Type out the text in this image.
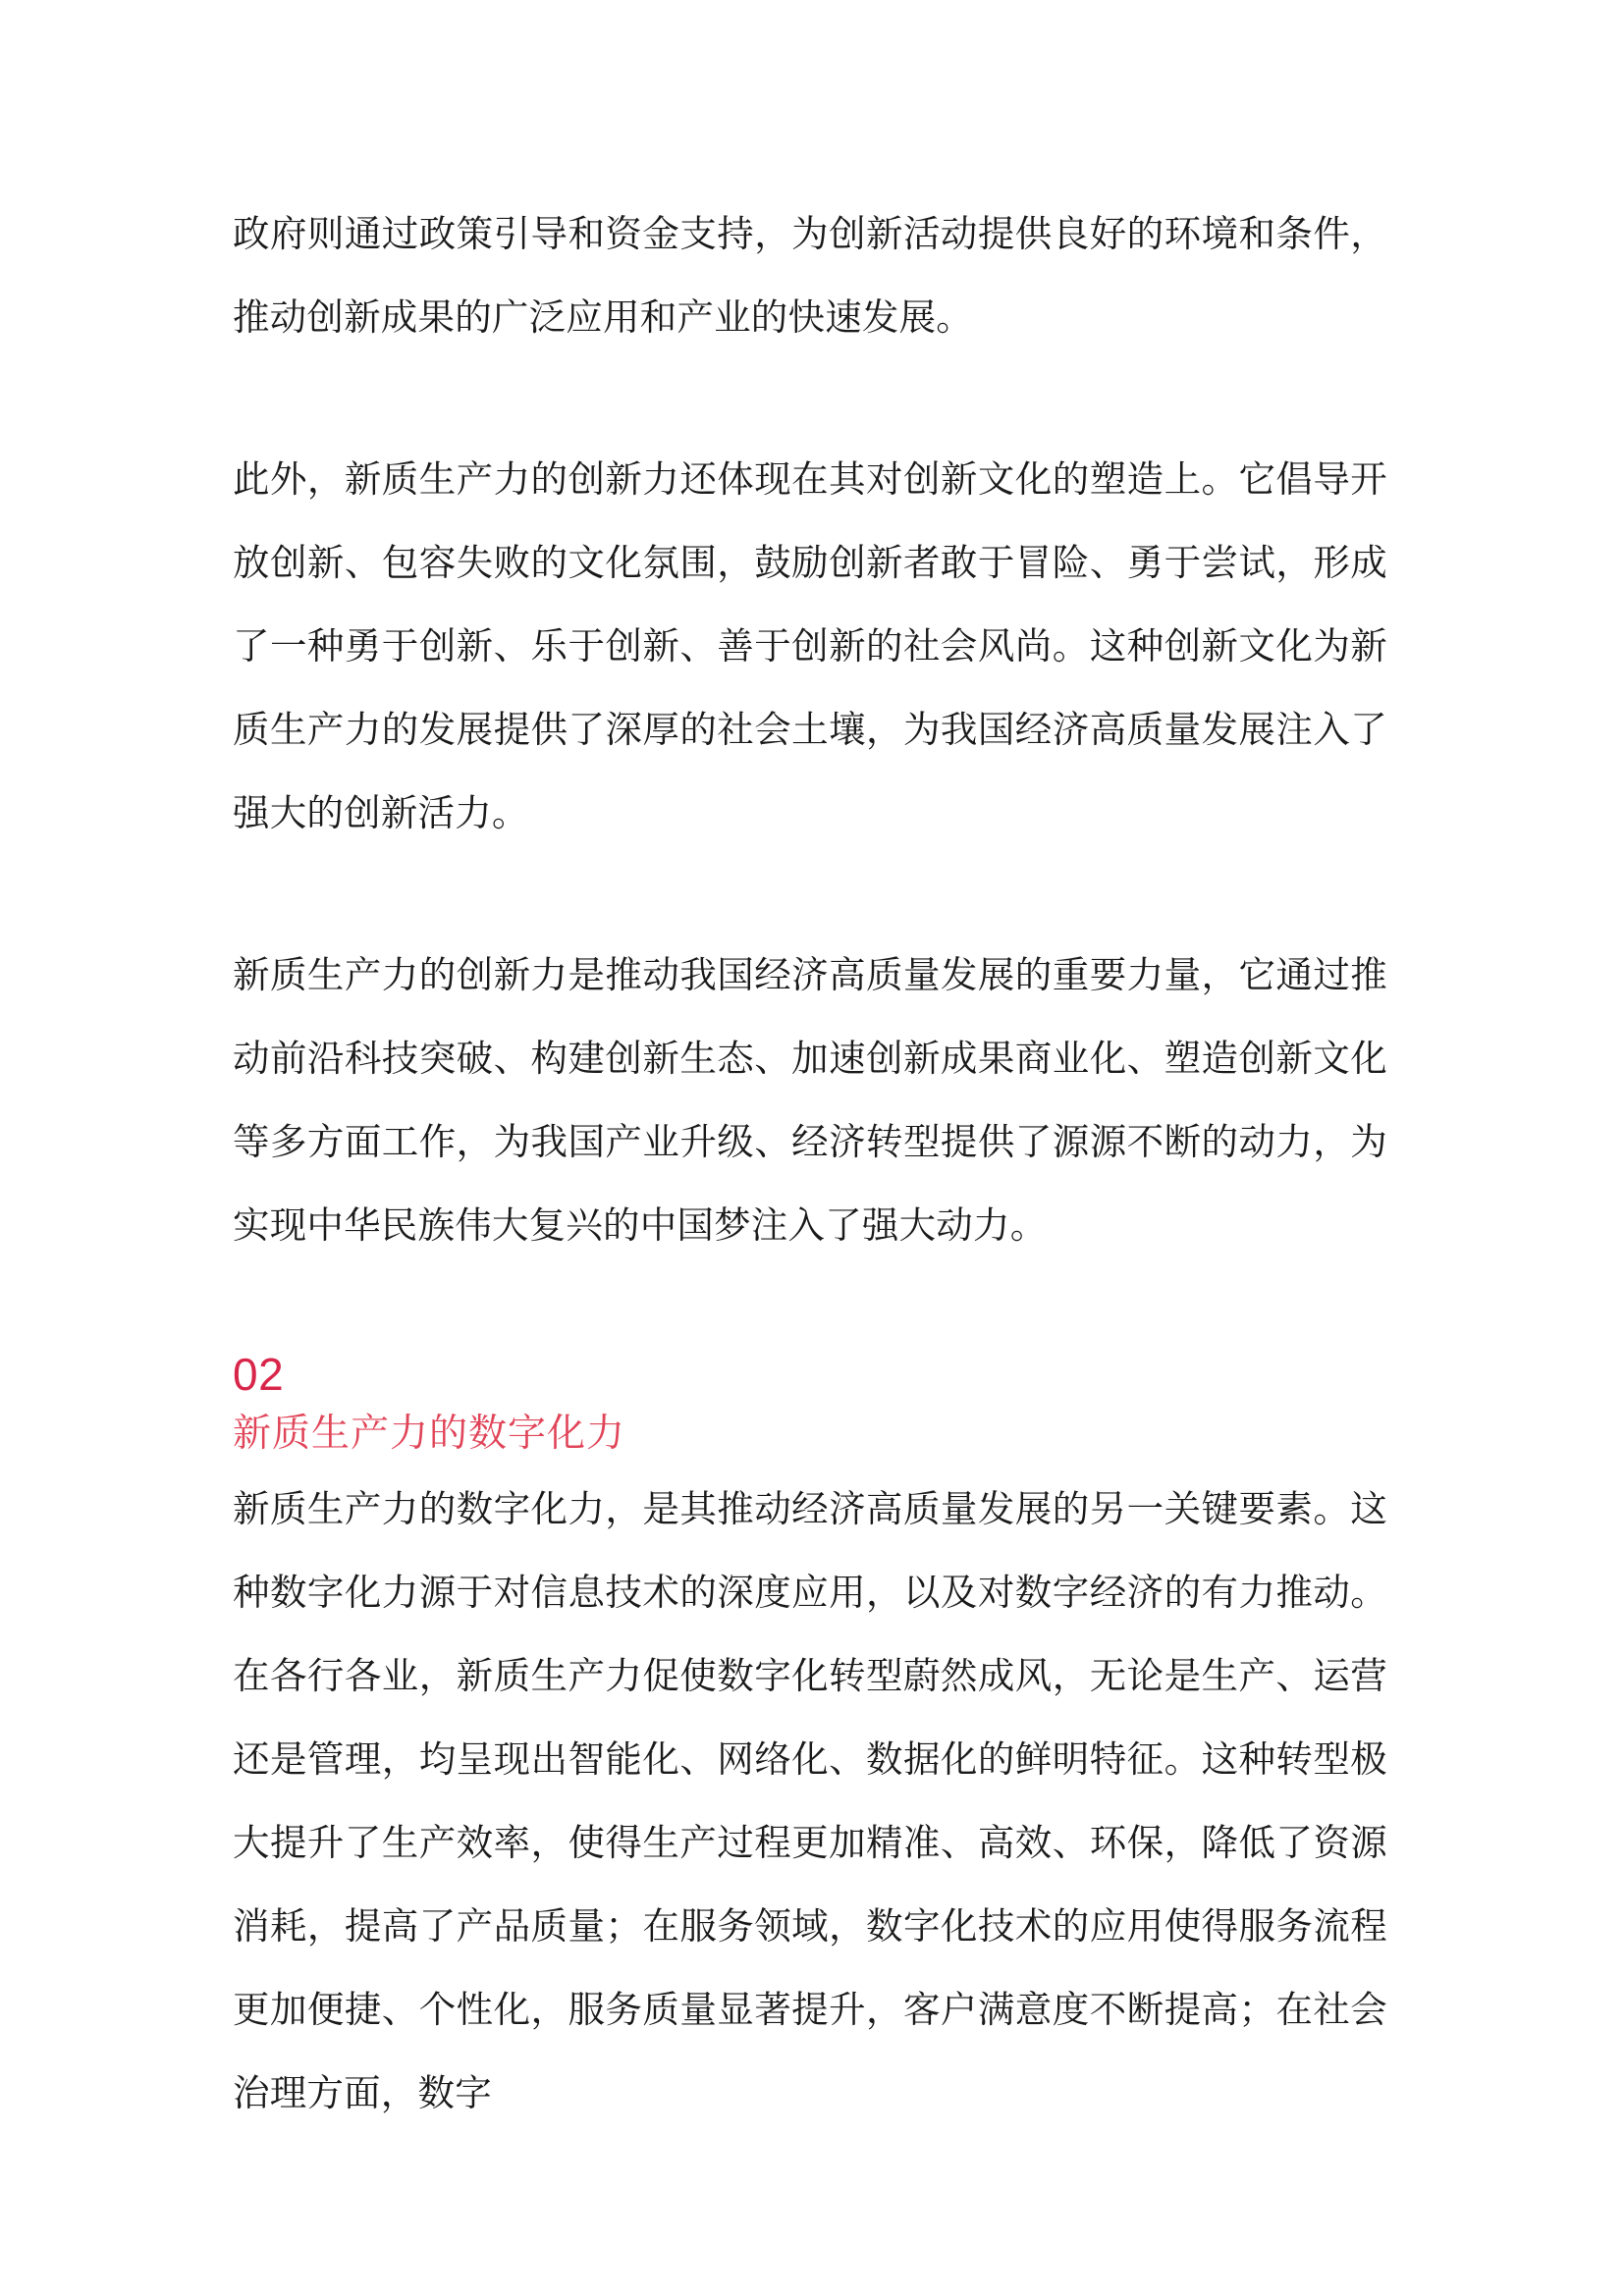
政府则通过政策引导和资金支持，为创新活动提供良好的环境和条件，推动创新成果的广泛应用和产业的快速发展。

此外，新质生产力的创新力还体现在其对创新文化的塑造上。它倡导开放创新、包容失败的文化氛围，鼓励创新者敢于冒险、勇于尝试，形成了一种勇于创新、乐于创新、善于创新的社会风尚。这种创新文化为新质生产力的发展提供了深厚的社会土壤，为我国经济高质量发展注入了强大的创新活力。

新质生产力的创新力是推动我国经济高质量发展的重要力量，它通过推动前沿科技突破、构建创新生态、加速创新成果商业化、塑造创新文化等多方面工作，为我国产业升级、经济转型提供了源源不断的动力，为实现中华民族伟大复兴的中国梦注入了强大动力。

02
新质生产力的数字化力

新质生产力的数字化力，是其推动经济高质量发展的另一关键要素。这种数字化力源于对信息技术的深度应用，以及对数字经济的有力推动。在各行各业，新质生产力促使数字化转型蔚然成风，无论是生产、运营还是管理，均呈现出智能化、网络化、数据化的鲜明特征。这种转型极大提升了生产效率，使得生产过程更加精准、高效、环保，降低了资源消耗，提高了产品质量；在服务领域，数字化技术的应用使得服务流程更加便捷、个性化，服务质量显著提升，客户满意度不断提高；在社会治理方面，数字
